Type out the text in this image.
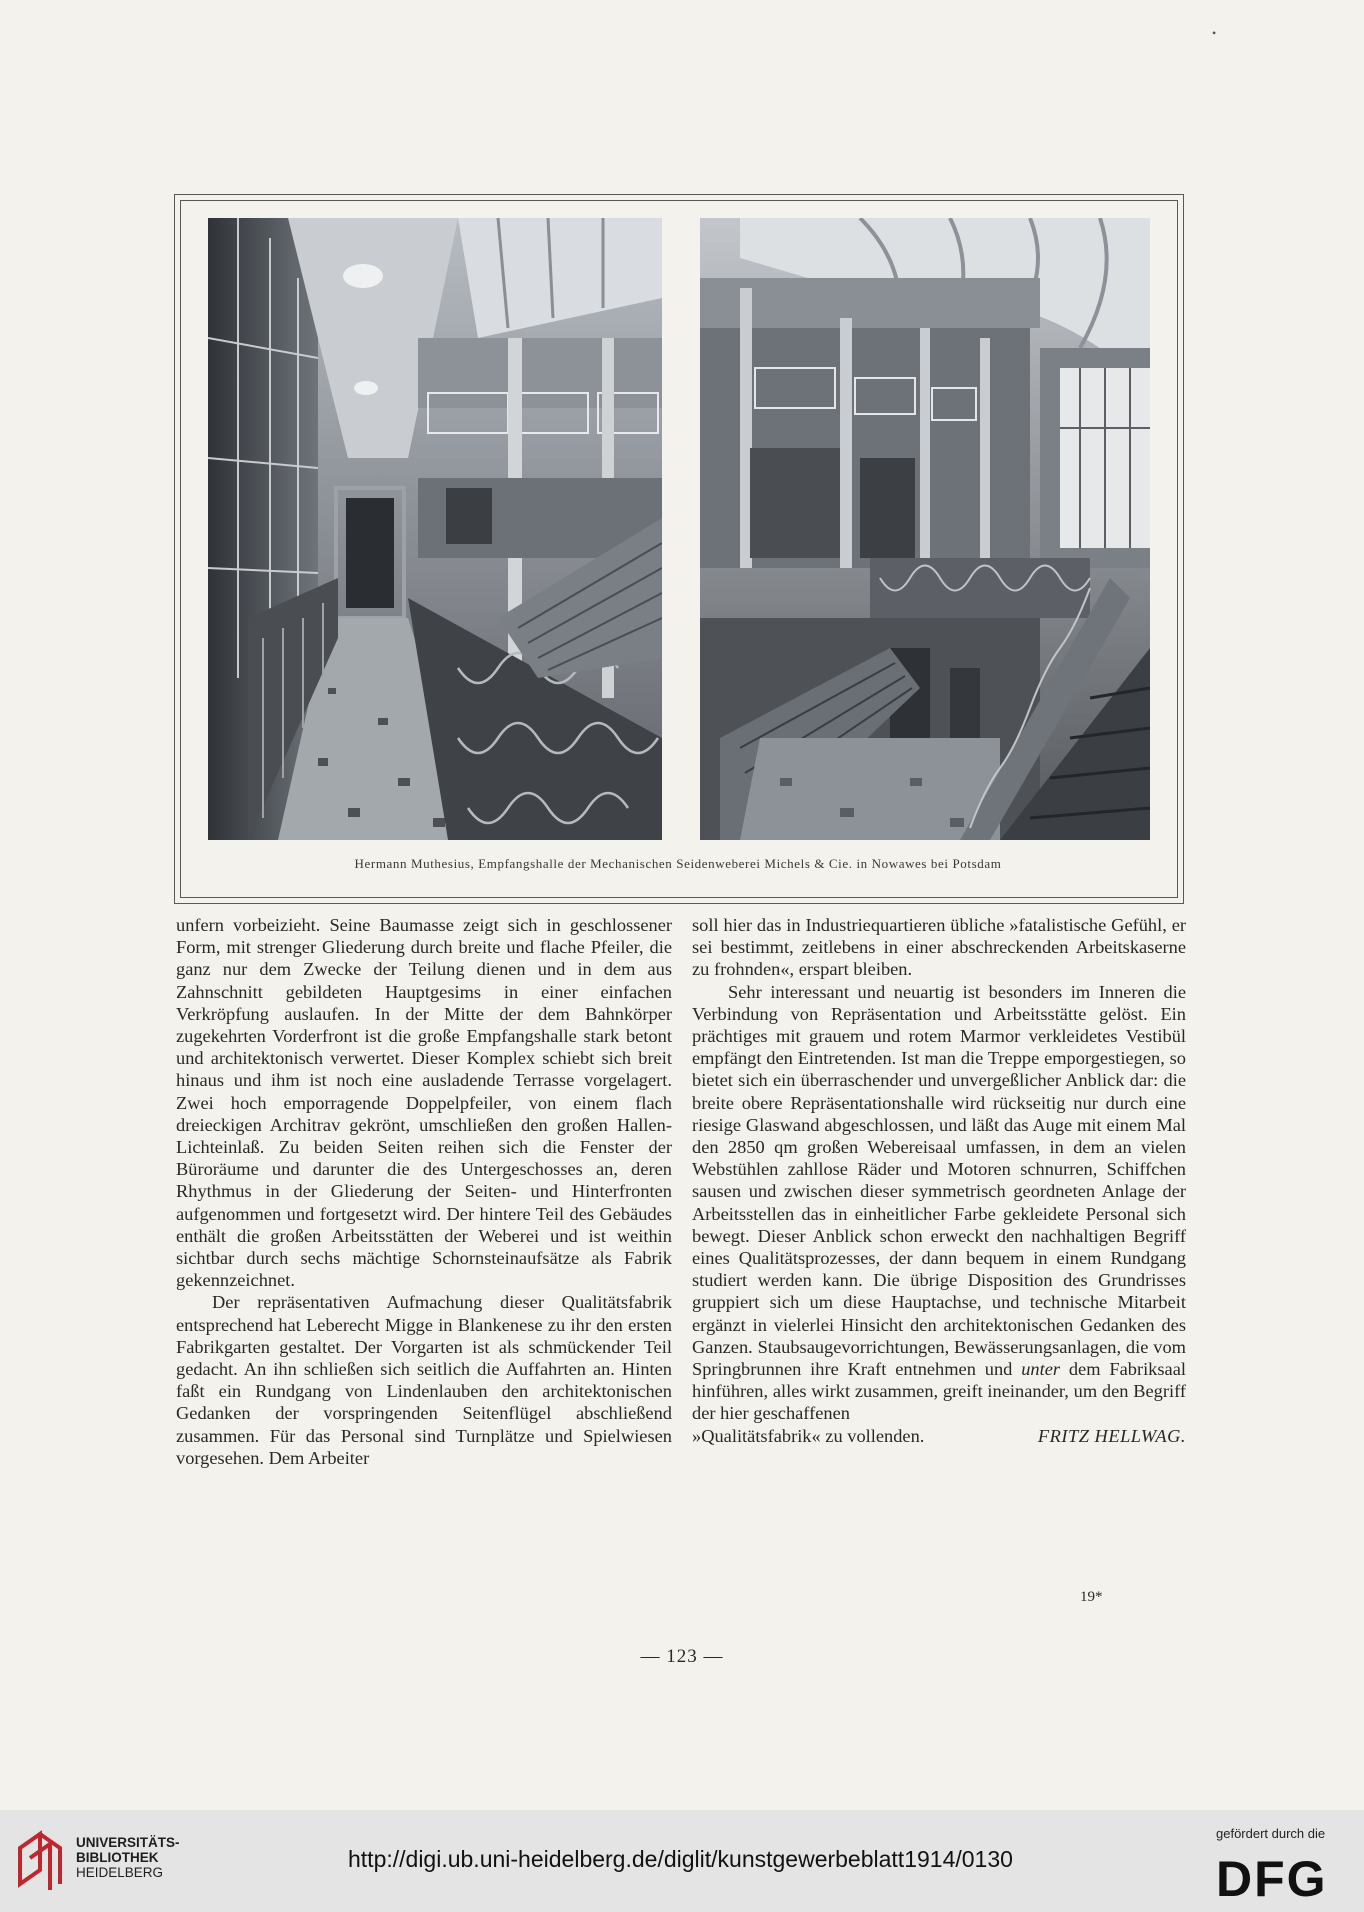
•
Hermann Muthesius, Empfangshalle der Mechanischen Seidenweberei Michels & Cie. in Nowawes bei Potsdam

unfern vorbeizieht. Seine Baumasse zeigt sich in geschlossener Form, mit strenger Gliederung durch breite und flache Pfeiler, die ganz nur dem Zwecke der Teilung dienen und in dem aus Zahnschnitt gebildeten Hauptgesims in einer einfachen Verkröpfung auslaufen. In der Mitte der dem Bahnkörper zugekehrten Vorderfront ist die große Empfangshalle stark betont und architektonisch verwertet. Dieser Komplex schiebt sich breit hinaus und ihm ist noch eine ausladende Terrasse vorgelagert. Zwei hoch emporragende Doppelpfeiler, von einem flach dreieckigen Architrav gekrönt, umschließen den großen Hallen-Lichteinlaß. Zu beiden Seiten reihen sich die Fenster der Büroräume und darunter die des Untergeschosses an, deren Rhythmus in der Gliederung der Seiten- und Hinterfronten aufgenommen und fortgesetzt wird. Der hintere Teil des Gebäudes enthält die großen Arbeitsstätten der Weberei und ist weithin sichtbar durch sechs mächtige Schornsteinaufsätze als Fabrik gekennzeichnet.

Der repräsentativen Aufmachung dieser Qualitätsfabrik entsprechend hat Leberecht Migge in Blankenese zu ihr den ersten Fabrikgarten gestaltet. Der Vorgarten ist als schmückender Teil gedacht. An ihn schließen sich seitlich die Auffahrten an. Hinten faßt ein Rundgang von Lindenlauben den architektonischen Gedanken der vorspringenden Seitenflügel abschließend zusammen. Für das Personal sind Turnplätze und Spielwiesen vorgesehen. Dem Arbeiter

soll hier das in Industriequartieren übliche »fatalistische Gefühl, er sei bestimmt, zeitlebens in einer abschreckenden Arbeitskaserne zu frohnden«, erspart bleiben.

Sehr interessant und neuartig ist besonders im Inneren die Verbindung von Repräsentation und Arbeitsstätte gelöst. Ein prächtiges mit grauem und rotem Marmor verkleidetes Vestibül empfängt den Eintretenden. Ist man die Treppe emporgestiegen, so bietet sich ein überraschender und unvergeßlicher Anblick dar: die breite obere Repräsentationshalle wird rückseitig nur durch eine riesige Glaswand abgeschlossen, und läßt das Auge mit einem Mal den 2850 qm großen Webereisaal umfassen, in dem an vielen Webstühlen zahllose Räder und Motoren schnurren, Schiffchen sausen und zwischen dieser symmetrisch geordneten Anlage der Arbeitsstellen das in einheitlicher Farbe gekleidete Personal sich bewegt. Dieser Anblick schon erweckt den nachhaltigen Begriff eines Qualitätsprozesses, der dann bequem in einem Rundgang studiert werden kann. Die übrige Disposition des Grundrisses gruppiert sich um diese Hauptachse, und technische Mitarbeit ergänzt in vielerlei Hinsicht den architektonischen Gedanken des Ganzen. Staubsaugevorrichtungen, Bewässerungsanlagen, die vom Springbrunnen ihre Kraft entnehmen und unter dem Fabriksaal hinführen, alles wirkt zusammen, greift ineinander, um den Begriff der hier geschaffenen

»Qualitätsfabrik« zu vollenden.	FRITZ HELLWAG.
19*
— 123 —
UNIVERSITÄTS-
BIBLIOTHEK
HEIDELBERG
http://digi.ub.uni-heidelberg.de/diglit/kunstgewerbeblatt1914/0130
gefördert durch die
DFG
